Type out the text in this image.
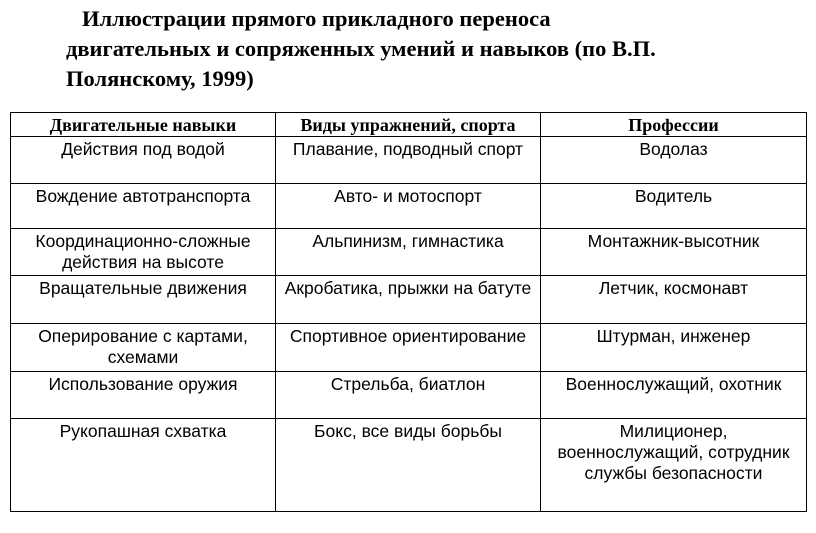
Иллюстрации прямого прикладного переноса
двигательных и сопряженных умений и навыков (по В.П.
Полянскому, 1999)
Двигательные навыки	Виды упражнений, спорта	Профессии
Действия под водой	Плавание, подводный спорт	Водолаз
Вождение автотранспорта	Авто- и мотоспорт	Водитель
Координационно-сложные действия на высоте	Альпинизм, гимнастика	Монтажник-высотник
Вращательные движения	Акробатика, прыжки на батуте	Летчик, космонавт
Оперирование с картами, схемами	Спортивное ориентирование	Штурман, инженер
Использование оружия	Стрельба, биатлон	Военнослужащий, охотник
Рукопашная схватка	Бокс, все виды борьбы	Милиционер, военнослужащий, сотрудник службы безопасности
